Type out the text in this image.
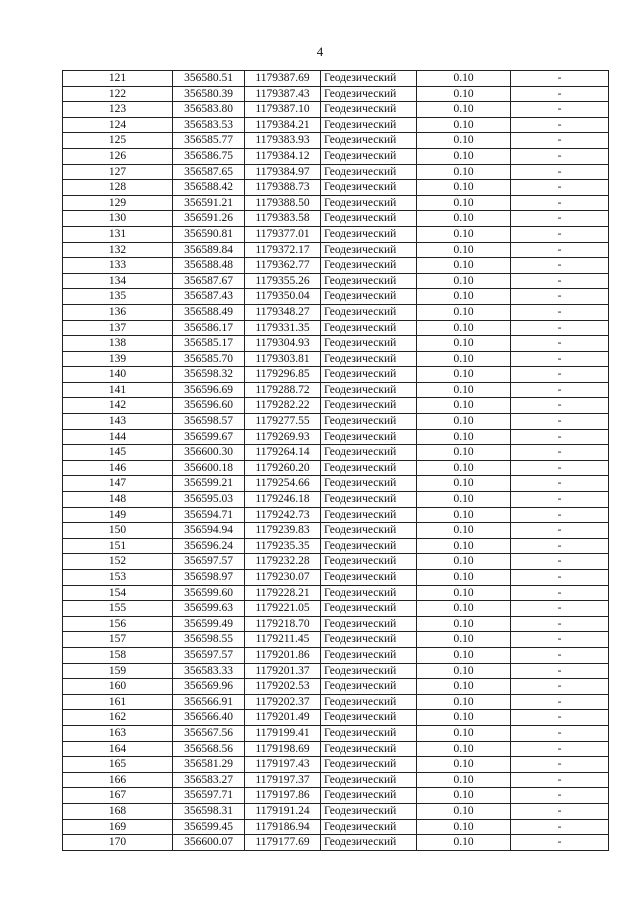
4
121	356580.51	1179387.69	Геодезический	0.10	-
122	356580.39	1179387.43	Геодезический	0.10	-
123	356583.80	1179387.10	Геодезический	0.10	-
124	356583.53	1179384.21	Геодезический	0.10	-
125	356585.77	1179383.93	Геодезический	0.10	-
126	356586.75	1179384.12	Геодезический	0.10	-
127	356587.65	1179384.97	Геодезический	0.10	-
128	356588.42	1179388.73	Геодезический	0.10	-
129	356591.21	1179388.50	Геодезический	0.10	-
130	356591.26	1179383.58	Геодезический	0.10	-
131	356590.81	1179377.01	Геодезический	0.10	-
132	356589.84	1179372.17	Геодезический	0.10	-
133	356588.48	1179362.77	Геодезический	0.10	-
134	356587.67	1179355.26	Геодезический	0.10	-
135	356587.43	1179350.04	Геодезический	0.10	-
136	356588.49	1179348.27	Геодезический	0.10	-
137	356586.17	1179331.35	Геодезический	0.10	-
138	356585.17	1179304.93	Геодезический	0.10	-
139	356585.70	1179303.81	Геодезический	0.10	-
140	356598.32	1179296.85	Геодезический	0.10	-
141	356596.69	1179288.72	Геодезический	0.10	-
142	356596.60	1179282.22	Геодезический	0.10	-
143	356598.57	1179277.55	Геодезический	0.10	-
144	356599.67	1179269.93	Геодезический	0.10	-
145	356600.30	1179264.14	Геодезический	0.10	-
146	356600.18	1179260.20	Геодезический	0.10	-
147	356599.21	1179254.66	Геодезический	0.10	-
148	356595.03	1179246.18	Геодезический	0.10	-
149	356594.71	1179242.73	Геодезический	0.10	-
150	356594.94	1179239.83	Геодезический	0.10	-
151	356596.24	1179235.35	Геодезический	0.10	-
152	356597.57	1179232.28	Геодезический	0.10	-
153	356598.97	1179230.07	Геодезический	0.10	-
154	356599.60	1179228.21	Геодезический	0.10	-
155	356599.63	1179221.05	Геодезический	0.10	-
156	356599.49	1179218.70	Геодезический	0.10	-
157	356598.55	1179211.45	Геодезический	0.10	-
158	356597.57	1179201.86	Геодезический	0.10	-
159	356583.33	1179201.37	Геодезический	0.10	-
160	356569.96	1179202.53	Геодезический	0.10	-
161	356566.91	1179202.37	Геодезический	0.10	-
162	356566.40	1179201.49	Геодезический	0.10	-
163	356567.56	1179199.41	Геодезический	0.10	-
164	356568.56	1179198.69	Геодезический	0.10	-
165	356581.29	1179197.43	Геодезический	0.10	-
166	356583.27	1179197.37	Геодезический	0.10	-
167	356597.71	1179197.86	Геодезический	0.10	-
168	356598.31	1179191.24	Геодезический	0.10	-
169	356599.45	1179186.94	Геодезический	0.10	-
170	356600.07	1179177.69	Геодезический	0.10	-
